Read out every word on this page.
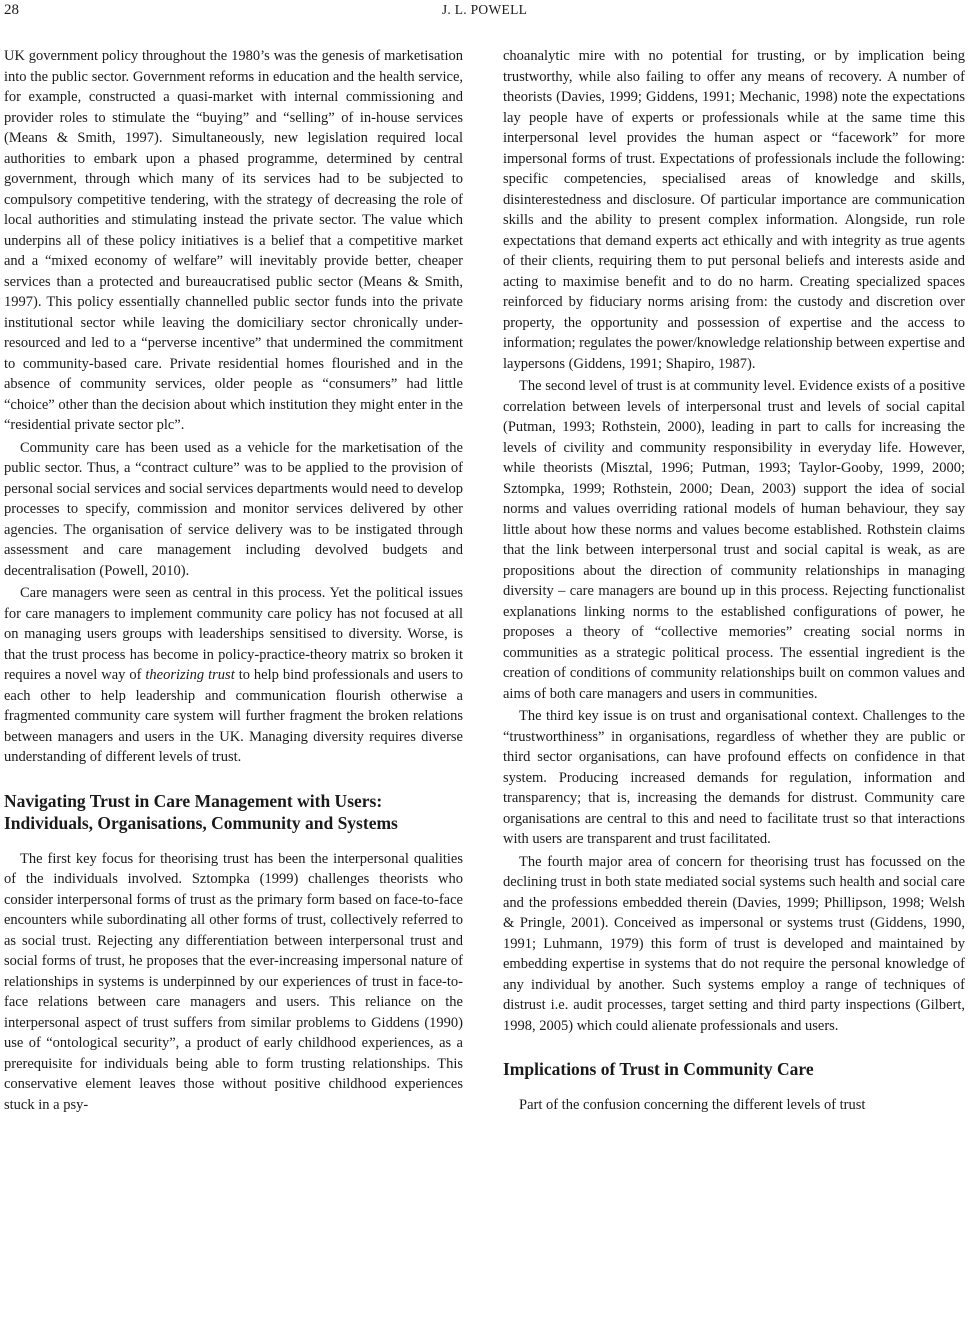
28	J. L. POWELL

UK government policy throughout the 1980’s was the genesis of marketisation into the public sector. Government reforms in education and the health service, for example, constructed a quasi-market with internal commissioning and provider roles to stimulate the “buying” and “selling” of in-house services (Means & Smith, 1997). Simultaneously, new legislation required local authorities to embark upon a phased programme, determined by central government, through which many of its services had to be subjected to compulsory competitive tendering, with the strategy of decreasing the role of local authorities and stimulating instead the private sector. The value which underpins all of these policy initiatives is a belief that a competitive market and a “mixed economy of welfare” will inevitably provide better, cheaper services than a protected and bureaucratised public sector (Means & Smith, 1997). This policy essentially channelled public sector funds into the private institutional sector while leaving the domiciliary sector chronically under-resourced and led to a “perverse incentive” that undermined the commitment to community-based care. Private residential homes flourished and in the absence of community services, older people as “consumers” had little “choice” other than the decision about which institution they might enter in the “residential private sector plc”.

Community care has been used as a vehicle for the marketisation of the public sector. Thus, a “contract culture” was to be applied to the provision of personal social services and social services departments would need to develop processes to specify, commission and monitor services delivered by other agencies. The organisation of service delivery was to be instigated through assessment and care management including devolved budgets and decentralisation (Powell, 2010).

Care managers were seen as central in this process. Yet the political issues for care managers to implement community care policy has not focused at all on managing users groups with leaderships sensitised to diversity. Worse, is that the trust process has become in policy-practice-theory matrix so broken it requires a novel way of theorizing trust to help bind professionals and users to each other to help leadership and communication flourish otherwise a fragmented community care system will further fragment the broken relations between managers and users in the UK. Managing diversity requires diverse understanding of different levels of trust.

Navigating Trust in Care Management with Users: Individuals, Organisations, Community and Systems

The first key focus for theorising trust has been the interpersonal qualities of the individuals involved. Sztompka (1999) challenges theorists who consider interpersonal forms of trust as the primary form based on face-to-face encounters while subordinating all other forms of trust, collectively referred to as social trust. Rejecting any differentiation between interpersonal trust and social forms of trust, he proposes that the ever-increasing impersonal nature of relationships in systems is underpinned by our experiences of trust in face-to-face relations between care managers and users. This reliance on the interpersonal aspect of trust suffers from similar problems to Giddens (1990) use of “ontological security”, a product of early childhood experiences, as a prerequisite for individuals being able to form trusting relationships. This conservative element leaves those without positive childhood experiences stuck in a psy-

choanalytic mire with no potential for trusting, or by implication being trustworthy, while also failing to offer any means of recovery. A number of theorists (Davies, 1999; Giddens, 1991; Mechanic, 1998) note the expectations lay people have of experts or professionals while at the same time this interpersonal level provides the human aspect or “facework” for more impersonal forms of trust. Expectations of professionals include the following: specific competencies, specialised areas of knowledge and skills, disinterestedness and disclosure. Of particular importance are communication skills and the ability to present complex information. Alongside, run role expectations that demand experts act ethically and with integrity as true agents of their clients, requiring them to put personal beliefs and interests aside and acting to maximise benefit and to do no harm. Creating specialized spaces reinforced by fiduciary norms arising from: the custody and discretion over property, the opportunity and possession of expertise and the access to information; regulates the power/knowledge relationship between expertise and laypersons (Giddens, 1991; Shapiro, 1987).

The second level of trust is at community level. Evidence exists of a positive correlation between levels of interpersonal trust and levels of social capital (Putman, 1993; Rothstein, 2000), leading in part to calls for increasing the levels of civility and community responsibility in everyday life. However, while theorists (Misztal, 1996; Putman, 1993; Taylor-Gooby, 1999, 2000; Sztompka, 1999; Rothstein, 2000; Dean, 2003) support the idea of social norms and values overriding rational models of human behaviour, they say little about how these norms and values become established. Rothstein claims that the link between interpersonal trust and social capital is weak, as are propositions about the direction of community relationships in managing diversity – care managers are bound up in this process. Rejecting functionalist explanations linking norms to the established configurations of power, he proposes a theory of “collective memories” creating social norms in communities as a strategic political process. The essential ingredient is the creation of conditions of community relationships built on common values and aims of both care managers and users in communities.

The third key issue is on trust and organisational context. Challenges to the “trustworthiness” in organisations, regardless of whether they are public or third sector organisations, can have profound effects on confidence in that system. Producing increased demands for regulation, information and transparency; that is, increasing the demands for distrust. Community care organisations are central to this and need to facilitate trust so that interactions with users are transparent and trust facilitated.

The fourth major area of concern for theorising trust has focussed on the declining trust in both state mediated social systems such health and social care and the professions embedded therein (Davies, 1999; Phillipson, 1998; Welsh & Pringle, 2001). Conceived as impersonal or systems trust (Giddens, 1990, 1991; Luhmann, 1979) this form of trust is developed and maintained by embedding expertise in systems that do not require the personal knowledge of any individual by another. Such systems employ a range of techniques of distrust i.e. audit processes, target setting and third party inspections (Gilbert, 1998, 2005) which could alienate professionals and users.

Implications of Trust in Community Care

Part of the confusion concerning the different levels of trust
